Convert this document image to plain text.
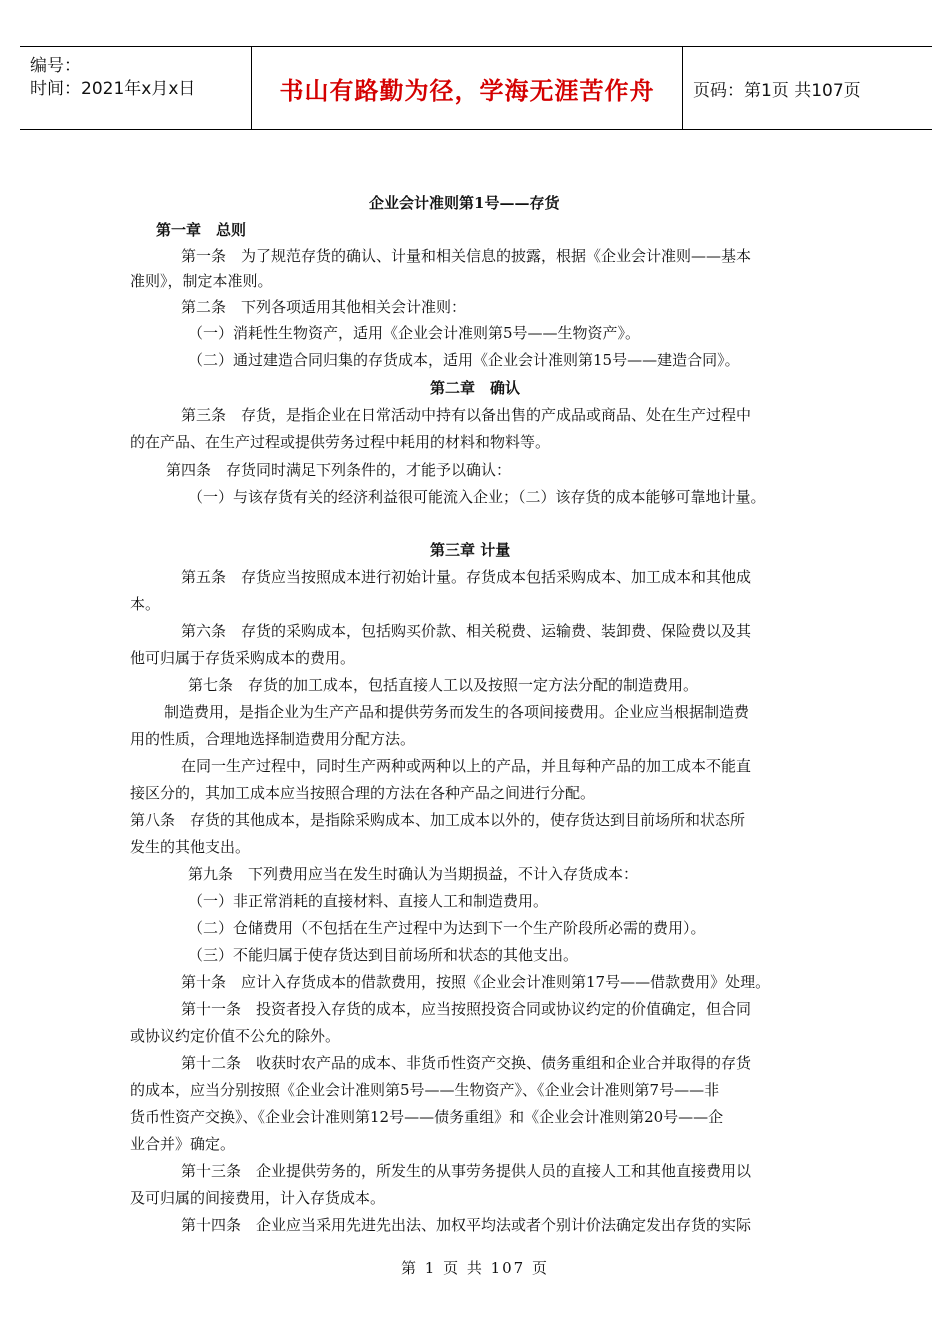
编号：
时间：2021年x月x日	书山有路勤为径，学海无涯苦作舟	页码：第1页 共107页
企业会计准则第1号——存货
第一章　总则
第一条　为了规范存货的确认、计量和相关信息的披露，根据《企业会计准则——基本
准则》，制定本准则。
第二条　下列各项适用其他相关会计准则：
（一）消耗性生物资产，适用《企业会计准则第5号——生物资产》。
（二）通过建造合同归集的存货成本，适用《企业会计准则第15号——建造合同》。
第二章　确认
第三条　存货，是指企业在日常活动中持有以备出售的产成品或商品、处在生产过程中
的在产品、在生产过程或提供劳务过程中耗用的材料和物料等。
第四条　存货同时满足下列条件的，才能予以确认：
（一）与该存货有关的经济利益很可能流入企业；（二）该存货的成本能够可靠地计量。
第三章 计量
第五条　存货应当按照成本进行初始计量。存货成本包括采购成本、加工成本和其他成
本。
第六条　存货的采购成本，包括购买价款、相关税费、运输费、装卸费、保险费以及其
他可归属于存货采购成本的费用。
第七条　存货的加工成本，包括直接人工以及按照一定方法分配的制造费用。
制造费用，是指企业为生产产品和提供劳务而发生的各项间接费用。企业应当根据制造费
用的性质，合理地选择制造费用分配方法。
在同一生产过程中，同时生产两种或两种以上的产品，并且每种产品的加工成本不能直
接区分的，其加工成本应当按照合理的方法在各种产品之间进行分配。
第八条　存货的其他成本，是指除采购成本、加工成本以外的，使存货达到目前场所和状态所
发生的其他支出。
第九条　下列费用应当在发生时确认为当期损益，不计入存货成本：
（一）非正常消耗的直接材料、直接人工和制造费用。
（二）仓储费用（不包括在生产过程中为达到下一个生产阶段所必需的费用）。
（三）不能归属于使存货达到目前场所和状态的其他支出。
第十条　应计入存货成本的借款费用，按照《企业会计准则第17号——借款费用》处理。
第十一条　投资者投入存货的成本，应当按照投资合同或协议约定的价值确定，但合同
或协议约定价值不公允的除外。
第十二条　收获时农产品的成本、非货币性资产交换、债务重组和企业合并取得的存货
的成本，应当分别按照《企业会计准则第5号——生物资产》、《企业会计准则第7号——非
货币性资产交换》、《企业会计准则第12号——债务重组》和《企业会计准则第20号——企
业合并》确定。
第十三条　企业提供劳务的，所发生的从事劳务提供人员的直接人工和其他直接费用以
及可归属的间接费用，计入存货成本。
第十四条　企业应当采用先进先出法、加权平均法或者个别计价法确定发出存货的实际
第 1 页 共 107 页
